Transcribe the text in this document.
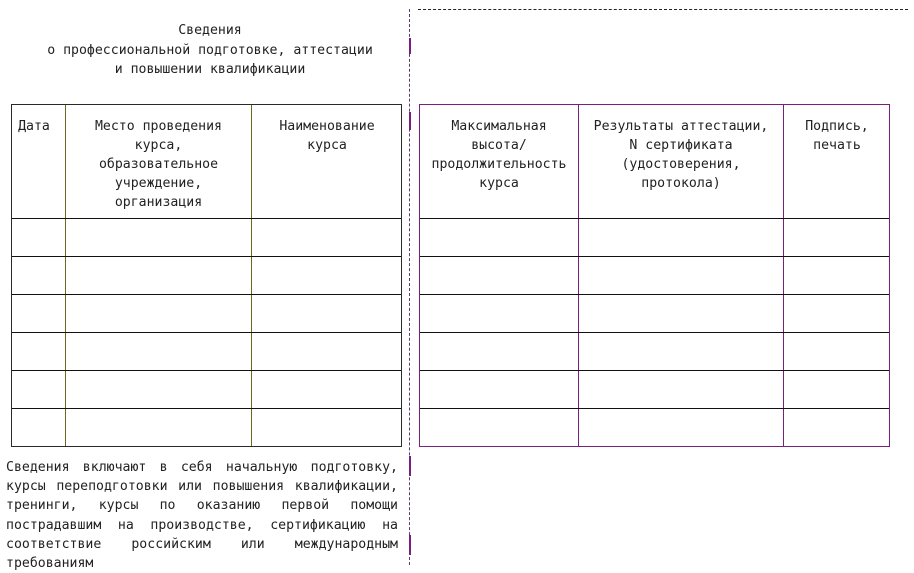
Сведения
о профессиональной подготовке, аттестации
и повышении квалификации
Дата	Место проведения
курса,
образовательное
учреждение,
организация
Наименование
курса
Максимальная
высота/
продолжительность
курса
Результаты аттестации,
N сертификата
(удостоверения,
протокола)
Подпись,
печать
Сведения включают в себя начальную подготовку, курсы переподготовки или повышения квалификации, тренинги, курсы по оказанию первой помощи пострадавшим на производстве, сертификацию на соответствие российским или международным требованиям
